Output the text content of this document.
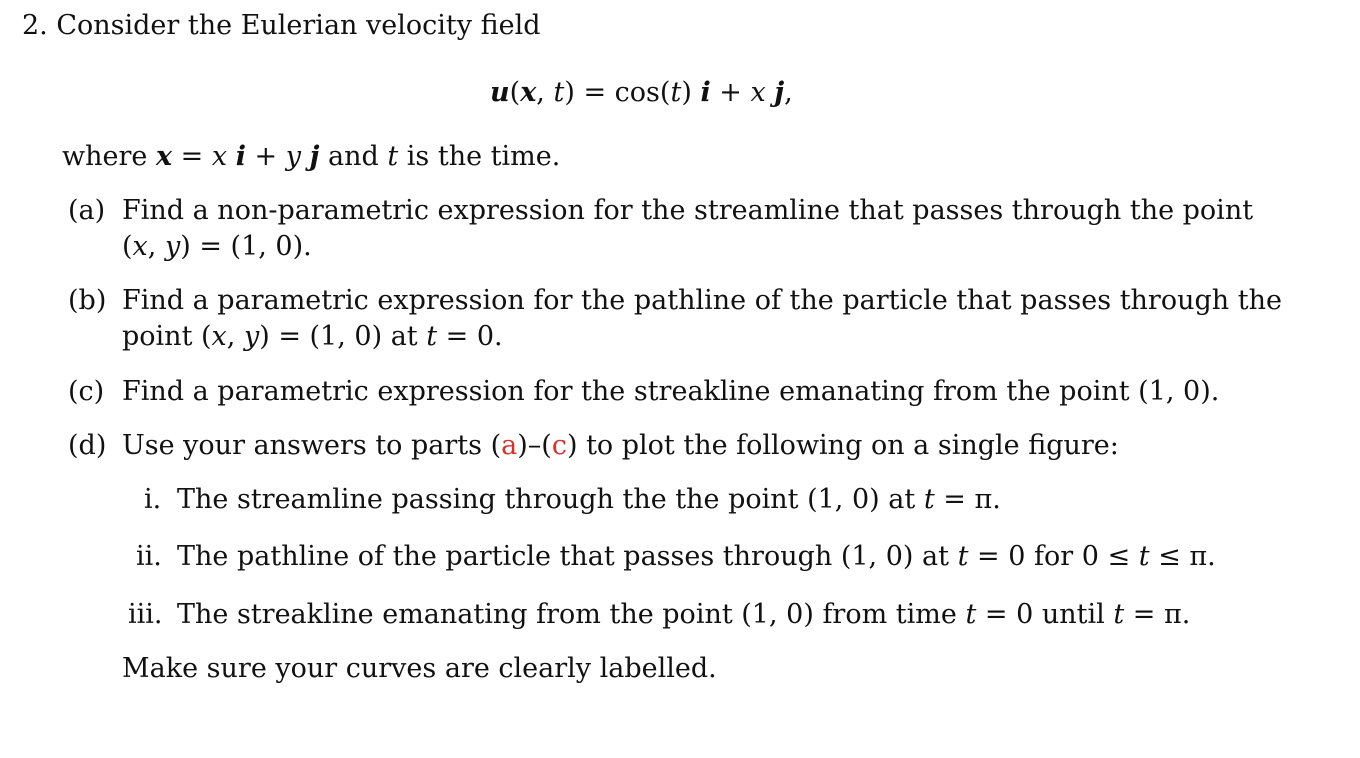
2. Consider the Eulerian velocity field
u(x, t) = cos(t) i + x j,
where x = x i + y j and t is the time.
(a) Find a non-parametric expression for the streamline that passes through the point
(x, y) = (1, 0).
(b) Find a parametric expression for the pathline of the particle that passes through the
point (x, y) = (1, 0) at t = 0.
(c) Find a parametric expression for the streakline emanating from the point (1, 0).
(d) Use your answers to parts (a)–(c) to plot the following on a single figure:
i. The streamline passing through the the point (1, 0) at t = π.
ii. The pathline of the particle that passes through (1, 0) at t = 0 for 0 ≤ t ≤ π.
iii. The streakline emanating from the point (1, 0) from time t = 0 until t = π.
Make sure your curves are clearly labelled.
